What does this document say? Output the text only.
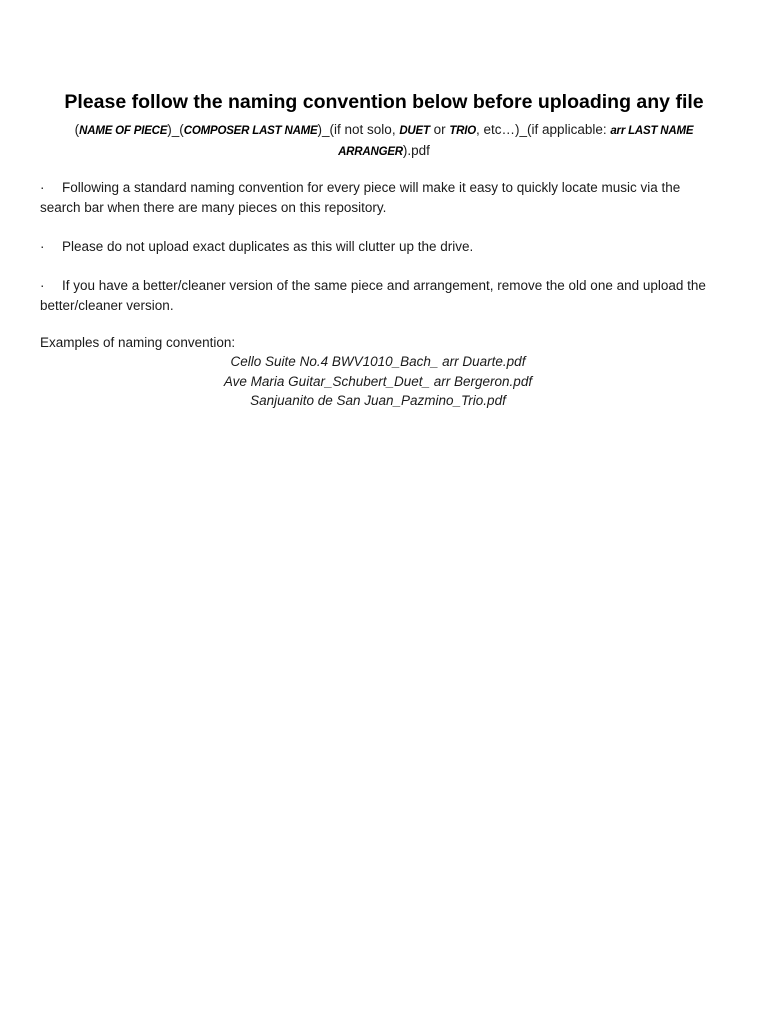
Please follow the naming convention below before uploading any file
(NAME OF PIECE)_(COMPOSER LAST NAME)_(if not solo, DUET or TRIO, etc…)_(if applicable: arr LAST NAME ARRANGER).pdf
· Following a standard naming convention for every piece will make it easy to quickly locate music via the search bar when there are many pieces on this repository.
· Please do not upload exact duplicates as this will clutter up the drive.
· If you have a better/cleaner version of the same piece and arrangement, remove the old one and upload the better/cleaner version.
Examples of naming convention:
Cello Suite No.4 BWV1010_Bach_ arr Duarte.pdf
Ave Maria Guitar_Schubert_Duet_ arr Bergeron.pdf
Sanjuanito de San Juan_Pazmino_Trio.pdf
